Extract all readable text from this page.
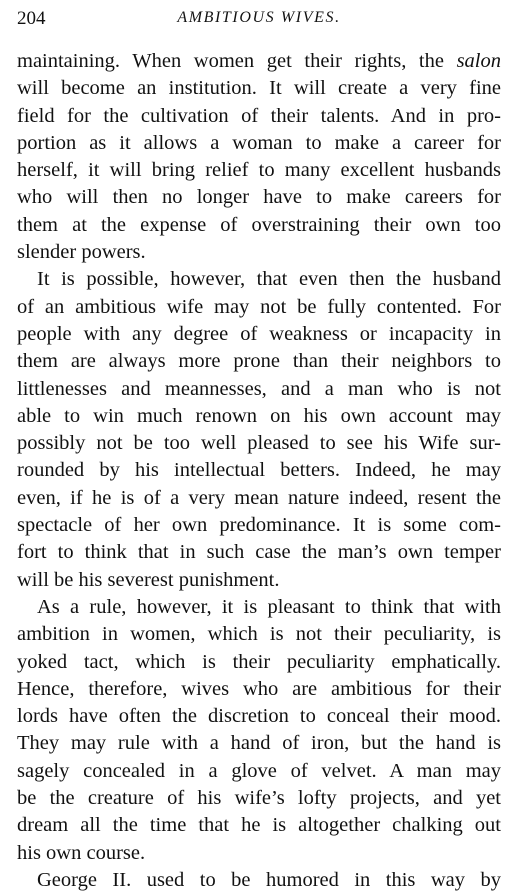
204	AMBITIOUS WIVES.

maintaining. When women get their rights, the salon
will become an institution. It will create a very fine
field for the cultivation of their talents. And in pro-
portion as it allows a woman to make a career for
herself, it will bring relief to many excellent husbands
who will then no longer have to make careers for
them at the expense of overstraining their own too
slender powers.

It is possible, however, that even then the husband
of an ambitious wife may not be fully contented. For
people with any degree of weakness or incapacity in
them are always more prone than their neighbors to
littlenesses and meannesses, and a man who is not
able to win much renown on his own account may
possibly not be too well pleased to see his Wife sur-
rounded by his intellectual betters. Indeed, he may
even, if he is of a very mean nature indeed, resent the
spectacle of her own predominance. It is some com-
fort to think that in such case the man’s own temper
will be his severest punishment.

As a rule, however, it is pleasant to think that with
ambition in women, which is not their peculiarity, is
yoked tact, which is their peculiarity emphatically.
Hence, therefore, wives who are ambitious for their
lords have often the discretion to conceal their mood.
They may rule with a hand of iron, but the hand is
sagely concealed in a glove of velvet. A man may
be the creature of his wife’s lofty projects, and yet
dream all the time that he is altogether chalking out
his own course.

George II. used to be humored in this way by
